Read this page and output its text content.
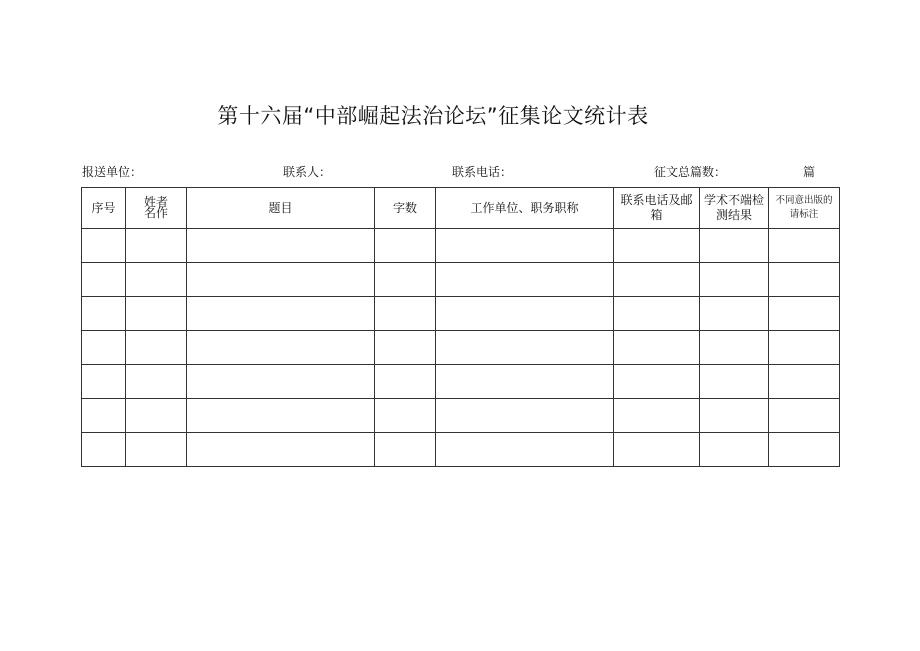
第十六届“中部崛起法治论坛”征集论文统计表
报送单位：	联系人：	联系电话：	征文总篇数：	篇
序号	姓者名作	题目	字数	工作单位、职务职称	联系电话及邮箱	学术不端检测结果	不同意出版的请标注
